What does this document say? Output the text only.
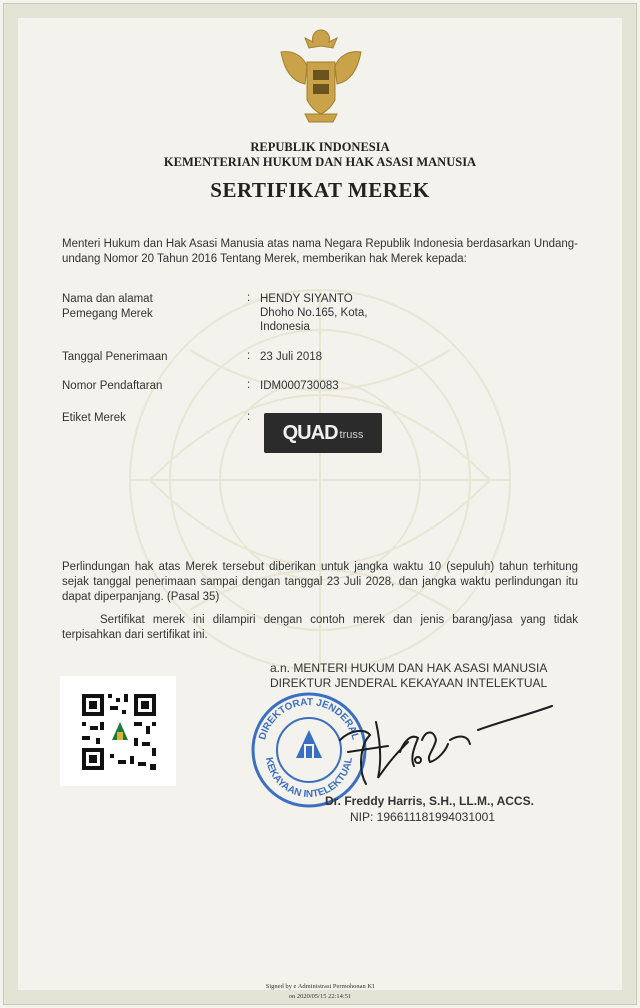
REPUBLIK INDONESIA
KEMENTERIAN HUKUM DAN HAK ASASI MANUSIA
SERTIFIKAT MEREK
Menteri Hukum dan Hak Asasi Manusia atas nama Negara Republik Indonesia berdasarkan Undang-undang Nomor 20 Tahun 2016 Tentang Merek, memberikan hak Merek kepada:
Nama dan alamat
Pemegang Merek
: HENDY SIYANTO
Dhoho No.165, Kota,
Indonesia
Tanggal Penerimaan	: 23 Juli 2018
Nomor Pendaftaran	: IDM000730083
Etiket Merek	:
QUAD truss
Perlindungan hak atas Merek tersebut diberikan untuk jangka waktu 10 (sepuluh) tahun terhitung sejak tanggal penerimaan sampai dengan tanggal 23 Juli 2028, dan jangka waktu perlindungan itu dapat diperpanjang. (Pasal 35)
Sertifikat merek ini dilampiri dengan contoh merek dan jenis barang/jasa yang tidak terpisahkan dari sertifikat ini.
a.n. MENTERI HUKUM DAN HAK ASASI MANUSIA
DIREKTUR JENDERAL KEKAYAAN INTELEKTUAL
DIREKTORAT JENDERAL
KEKAYAAN INTELEKTUAL
Dr. Freddy Harris, S.H., LL.M., ACCS.
NIP: 196611181994031001
Signed by e Administrasi Permohonan KI
on 2020/05/15 22:14:51
